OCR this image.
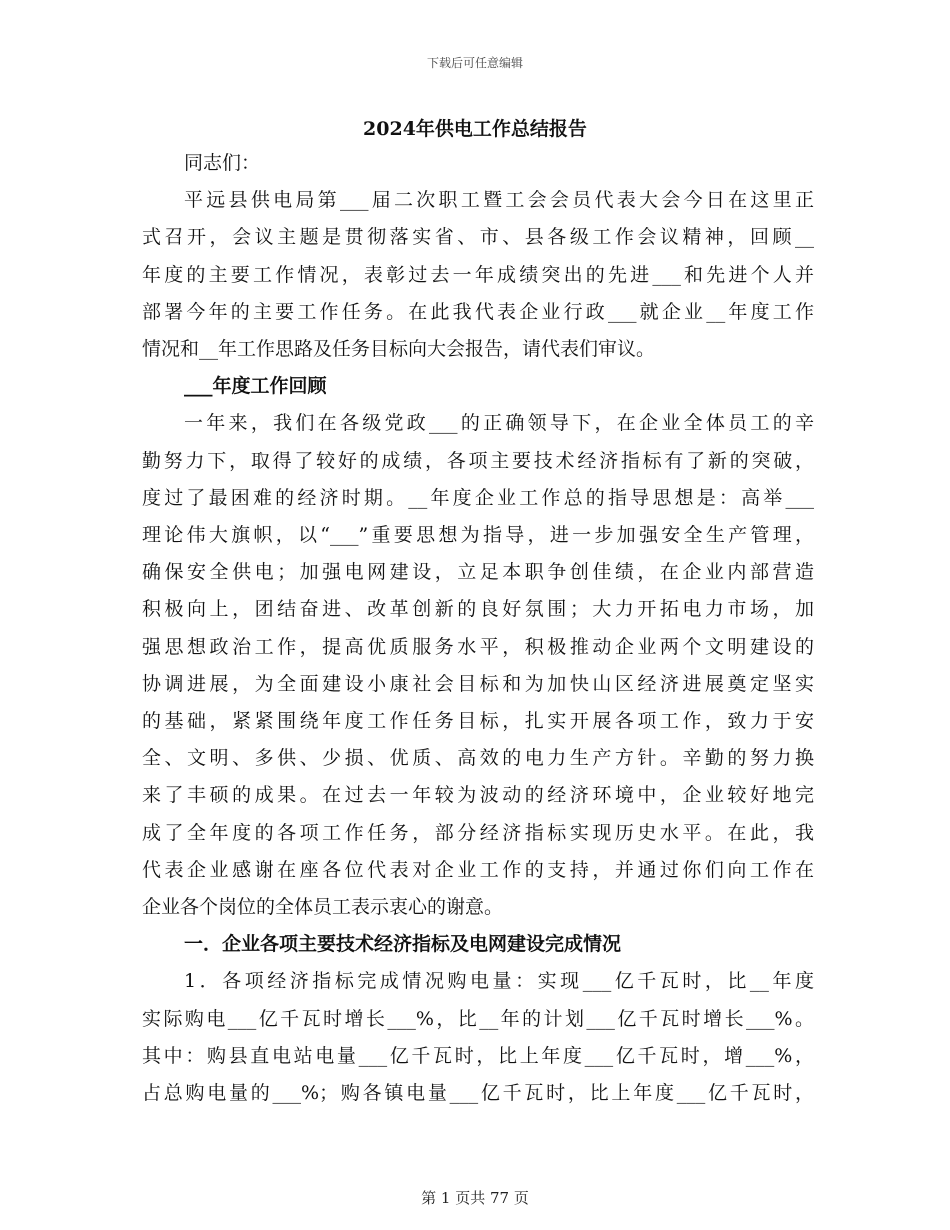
下载后可任意编辑
2024年供电工作总结报告
同志们：
平远县供电局第___届二次职工暨工会会员代表大会今日在这里正
式召开，会议主题是贯彻落实省、市、县各级工作会议精神，回顾__
年度的主要工作情况，表彰过去一年成绩突出的先进___和先进个人并
部署今年的主要工作任务。在此我代表企业行政___就企业__年度工作
情况和__年工作思路及任务目标向大会报告，请代表们审议。
___年度工作回顾
一年来，我们在各级党政___的正确领导下，在企业全体员工的辛
勤努力下，取得了较好的成绩，各项主要技术经济指标有了新的突破，
度过了最困难的经济时期。__年度企业工作总的指导思想是：高举___
理论伟大旗帜，以“___”重要思想为指导，进一步加强安全生产管理，
确保安全供电；加强电网建设，立足本职争创佳绩，在企业内部营造
积极向上，团结奋进、改革创新的良好氛围；大力开拓电力市场，加
强思想政治工作，提高优质服务水平，积极推动企业两个文明建设的
协调进展，为全面建设小康社会目标和为加快山区经济进展奠定坚实
的基础，紧紧围绕年度工作任务目标，扎实开展各项工作，致力于安
全、文明、多供、少损、优质、高效的电力生产方针。辛勤的努力换
来了丰硕的成果。在过去一年较为波动的经济环境中，企业较好地完
成了全年度的各项工作任务，部分经济指标实现历史水平。在此，我
代表企业感谢在座各位代表对企业工作的支持，并通过你们向工作在
企业各个岗位的全体员工表示衷心的谢意。
一．企业各项主要技术经济指标及电网建设完成情况
1．各项经济指标完成情况购电量：实现___亿千瓦时，比__年度
实际购电___亿千瓦时增长___%，比__年的计划___亿千瓦时增长___%。
其中：购县直电站电量___亿千瓦时，比上年度___亿千瓦时，增___%，
占总购电量的___%；购各镇电量___亿千瓦时，比上年度___亿千瓦时，
第 1 页共 77 页
